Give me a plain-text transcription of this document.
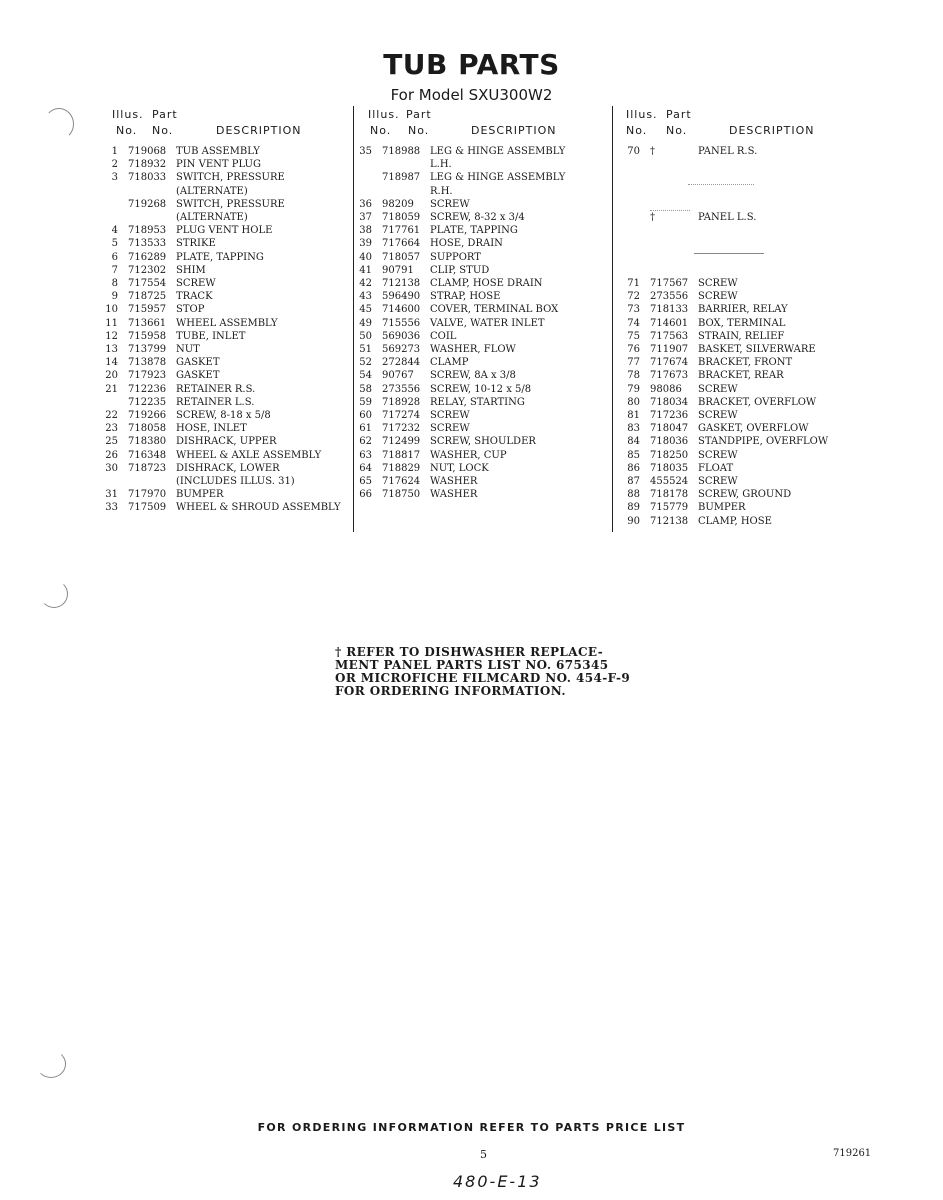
TUB PARTS
For Model SXU300W2
Illus. Part
No. No.	DESCRIPTION
1 719068 TUB ASSEMBLY
2 718932 PIN VENT PLUG
3 718033 SWITCH, PRESSURE
(ALTERNATE)
719268 SWITCH, PRESSURE
(ALTERNATE)
4 718953 PLUG VENT HOLE
5 713533 STRIKE
6 716289 PLATE, TAPPING
7 712302 SHIM
8 717554 SCREW
9 718725 TRACK
10 715957 STOP
11 713661 WHEEL ASSEMBLY
12 715958 TUBE, INLET
13 713799 NUT
14 713878 GASKET
20 717923 GASKET
21 712236 RETAINER R.S.
712235 RETAINER L.S.
22 719266 SCREW, 8-18 x 5/8
23 718058 HOSE, INLET
25 718380 DISHRACK, UPPER
26 716348 WHEEL & AXLE ASSEMBLY
30 718723 DISHRACK, LOWER
(INCLUDES ILLUS. 31)
31 717970 BUMPER
33 717509 WHEEL & SHROUD ASSEMBLY
Illus. Part
No. No.	DESCRIPTION
35 718988 LEG & HINGE ASSEMBLY
L.H.
718987 LEG & HINGE ASSEMBLY
R.H.
36 98209 SCREW
37 718059 SCREW, 8-32 x 3/4
38 717761 PLATE, TAPPING
39 717664 HOSE, DRAIN
40 718057 SUPPORT
41 90791 CLIP, STUD
42 712138 CLAMP, HOSE DRAIN
43 596490 STRAP, HOSE
45 714600 COVER, TERMINAL BOX
49 715556 VALVE, WATER INLET
50 569036 COIL
51 569273 WASHER, FLOW
52 272844 CLAMP
54 90767 SCREW, 8A x 3/8
58 273556 SCREW, 10-12 x 5/8
59 718928 RELAY, STARTING
60 717274 SCREW
61 717232 SCREW
62 712499 SCREW, SHOULDER
63 718817 WASHER, CUP
64 718829 NUT, LOCK
65 717624 WASHER
66 718750 WASHER
Illus. Part
No. No.	DESCRIPTION
70 †	PANEL R.S.
†	PANEL L.S.
71 717567 SCREW
72 273556 SCREW
73 718133 BARRIER, RELAY
74 714601 BOX, TERMINAL
75 717563 STRAIN, RELIEF
76 711907 BASKET, SILVERWARE
77 717674 BRACKET, FRONT
78 717673 BRACKET, REAR
79 98086 SCREW
80 718034 BRACKET, OVERFLOW
81 717236 SCREW
83 718047 GASKET, OVERFLOW
84 718036 STANDPIPE, OVERFLOW
85 718250 SCREW
86 718035 FLOAT
87 455524 SCREW
88 718178 SCREW, GROUND
89 715779 BUMPER
90 712138 CLAMP, HOSE
† REFER TO DISHWASHER REPLACE-
MENT PANEL PARTS LIST NO. 675345
OR MICROFICHE FILMCARD NO. 454-F-9
FOR ORDERING INFORMATION.
FOR ORDERING INFORMATION REFER TO PARTS PRICE LIST
5	719261
480-E-13
